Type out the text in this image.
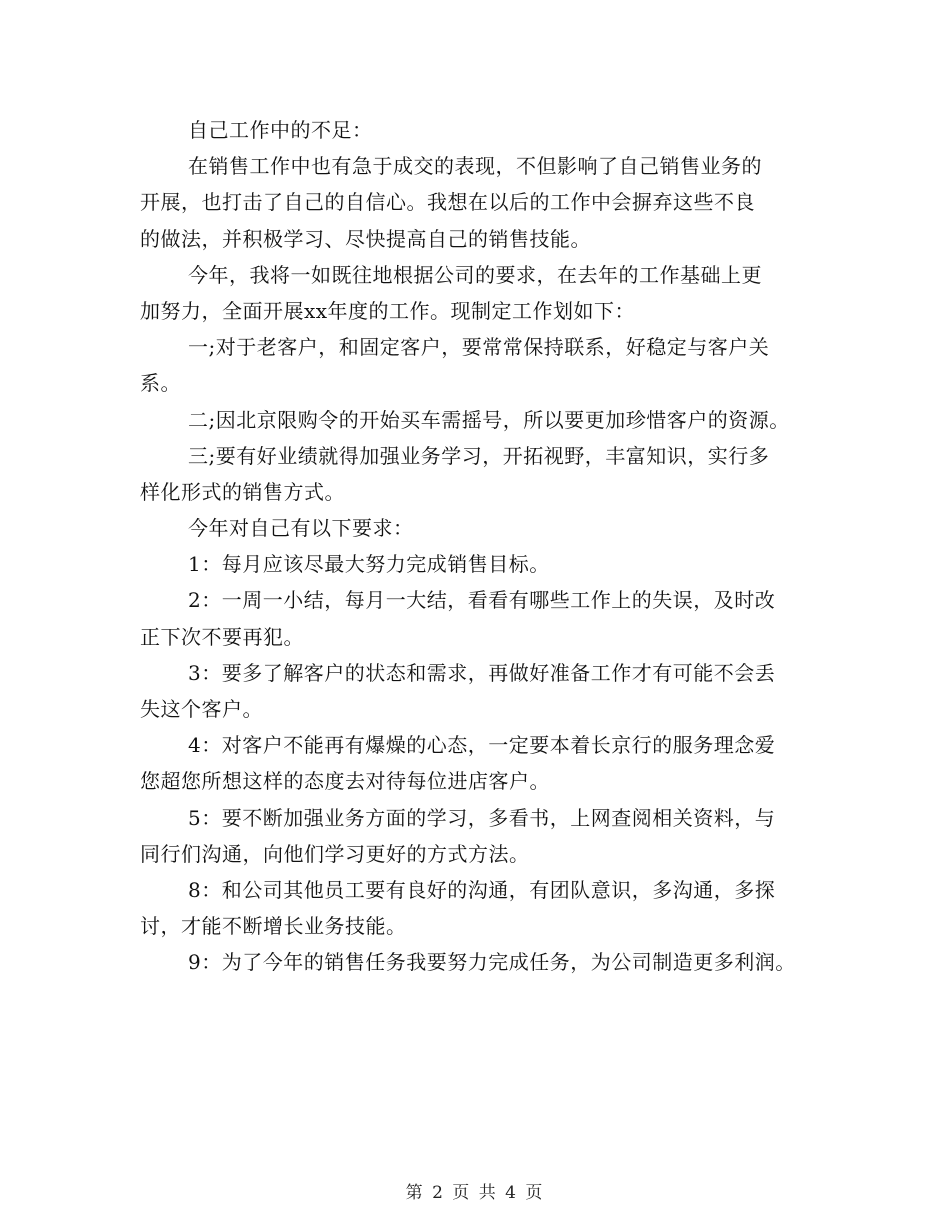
自己工作中的不足：
在销售工作中也有急于成交的表现，不但影响了自己销售业务的
开展，也打击了自己的自信心。我想在以后的工作中会摒弃这些不良
的做法，并积极学习、尽快提高自己的销售技能。
今年，我将一如既往地根据公司的要求，在去年的工作基础上更
加努力，全面开展xx年度的工作。现制定工作划如下：
一;对于老客户，和固定客户，要常常保持联系，好稳定与客户关
系。
二;因北京限购令的开始买车需摇号，所以要更加珍惜客户的资源。
三;要有好业绩就得加强业务学习，开拓视野，丰富知识，实行多
样化形式的销售方式。
今年对自己有以下要求：
1：每月应该尽最大努力完成销售目标。
2：一周一小结，每月一大结，看看有哪些工作上的失误，及时改
正下次不要再犯。
3：要多了解客户的状态和需求，再做好准备工作才有可能不会丢
失这个客户。
4：对客户不能再有爆燥的心态，一定要本着长京行的服务理念爱
您超您所想这样的态度去对待每位进店客户。
5：要不断加强业务方面的学习，多看书，上网查阅相关资料，与
同行们沟通，向他们学习更好的方式方法。
8：和公司其他员工要有良好的沟通，有团队意识，多沟通，多探
讨，才能不断增长业务技能。
9：为了今年的销售任务我要努力完成任务，为公司制造更多利润。
第 2 页 共 4 页
